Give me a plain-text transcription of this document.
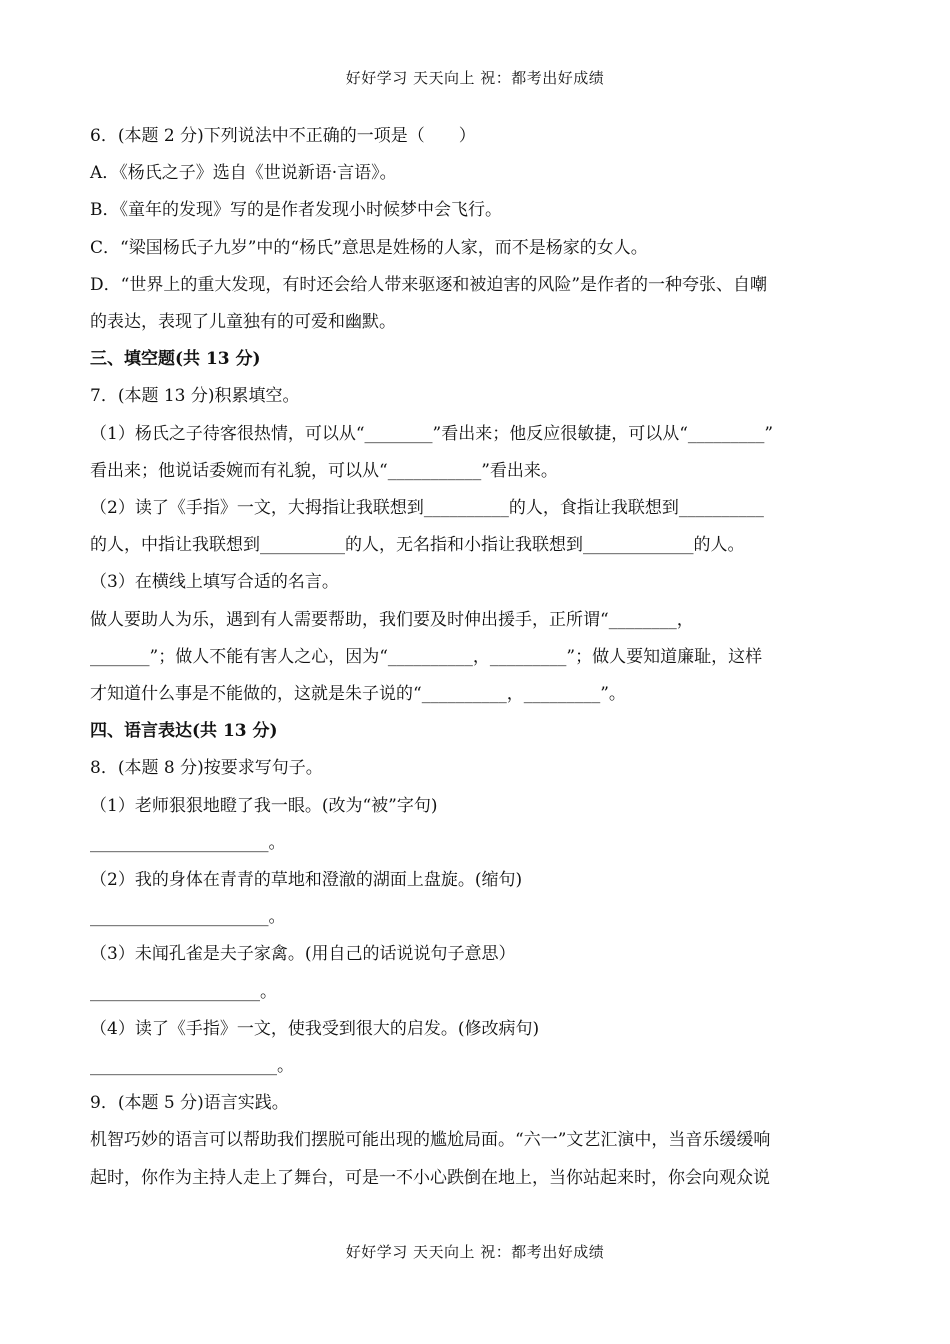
好好学习 天天向上 祝：都考出好成绩
6．(本题 2 分)下列说法中不正确的一项是（　　）
A．《杨氏之子》选自《世说新语·言语》。
B．《童年的发现》写的是作者发现小时候梦中会飞行。
C．“梁国杨氏子九岁”中的“杨氏”意思是姓杨的人家，而不是杨家的女人。
D．“世界上的重大发现，有时还会给人带来驱逐和被迫害的风险”是作者的一种夸张、自嘲
的表达，表现了儿童独有的可爱和幽默。
三、填空题(共 13 分)
7．(本题 13 分)积累填空。
（1）杨氏之子待客很热情，可以从“________”看出来；他反应很敏捷，可以从“_________”
看出来；他说话委婉而有礼貌，可以从“___________”看出来。
（2）读了《手指》一文，大拇指让我联想到__________的人，食指让我联想到__________
的人，中指让我联想到__________的人，无名指和小指让我联想到_____________的人。
（3）在横线上填写合适的名言。
做人要助人为乐，遇到有人需要帮助，我们要及时伸出援手，正所谓“________，
_______”；做人不能有害人之心，因为“__________，_________”；做人要知道廉耻，这样
才知道什么事是不能做的，这就是朱子说的“__________，_________”。
四、语言表达(共 13 分)
8．(本题 8 分)按要求写句子。
（1）老师狠狠地瞪了我一眼。(改为“被”字句)
_____________________。
（2）我的身体在青青的草地和澄澈的湖面上盘旋。(缩句)
_____________________。
（3）未闻孔雀是夫子家禽。(用自己的话说说句子意思）
____________________。
（4）读了《手指》一文，使我受到很大的启发。(修改病句)
______________________。
9．(本题 5 分)语言实践。
机智巧妙的语言可以帮助我们摆脱可能出现的尴尬局面。“六一”文艺汇演中，当音乐缓缓响
起时，你作为主持人走上了舞台，可是一不小心跌倒在地上，当你站起来时，你会向观众说
好好学习 天天向上 祝：都考出好成绩
